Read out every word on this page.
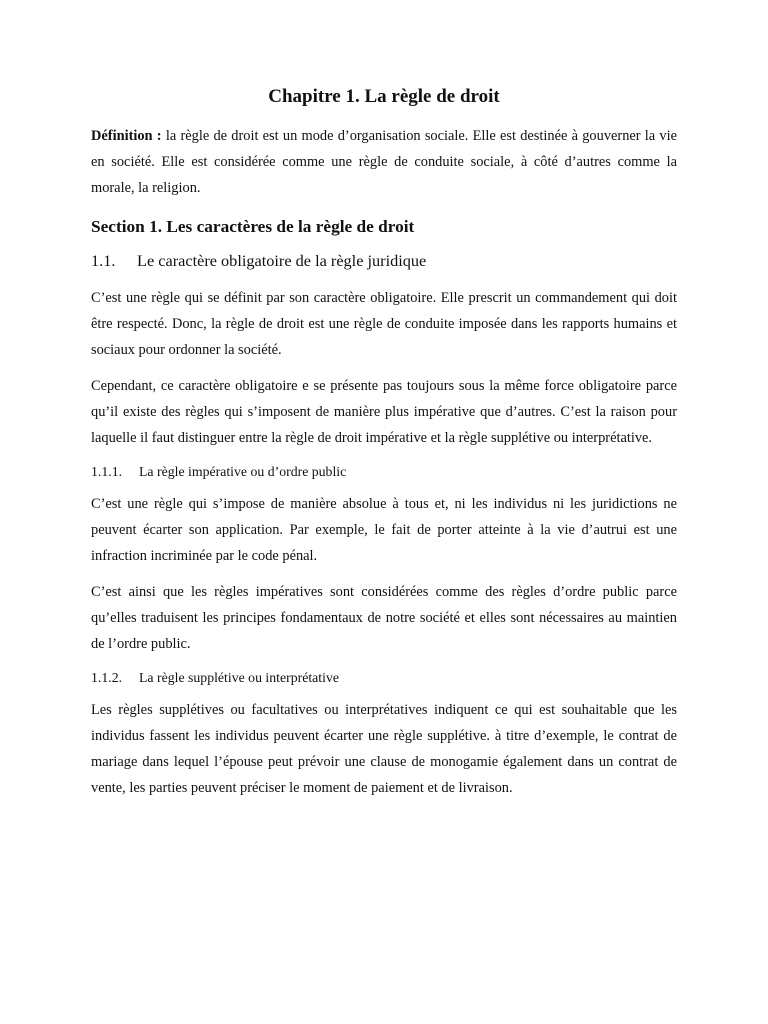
Chapitre 1. La règle de droit

Définition : la règle de droit est un mode d’organisation sociale. Elle est destinée à gouverner la vie en société. Elle est considérée comme une règle de conduite sociale, à côté d’autres comme la morale, la religion.

Section 1. Les caractères de la règle de droit
1.1.	Le caractère obligatoire de la règle juridique

C’est une règle qui se définit par son caractère obligatoire. Elle prescrit un commandement qui doit être respecté. Donc, la règle de droit est une règle de conduite imposée dans les rapports humains et sociaux pour ordonner la société.

Cependant, ce caractère obligatoire e se présente pas toujours sous la même force obligatoire parce qu’il existe des règles qui s’imposent de manière plus impérative que d’autres. C’est la raison pour laquelle il faut distinguer entre la règle de droit impérative et la règle supplétive ou interprétative.

1.1.1.	La règle impérative ou d’ordre public

C’est une règle qui s’impose de manière absolue à tous et, ni les individus ni les juridictions ne peuvent écarter son application. Par exemple, le fait de porter atteinte à la vie d’autrui est une infraction incriminée par le code pénal.

C’est ainsi que les règles impératives sont considérées comme des règles d’ordre public parce qu’elles traduisent les principes fondamentaux de notre société et elles sont nécessaires au maintien de l’ordre public.

1.1.2.	La règle supplétive ou interprétative

Les règles supplétives ou facultatives ou interprétatives indiquent ce qui est souhaitable que les individus fassent les individus peuvent écarter une règle supplétive. à titre d’exemple, le contrat de mariage dans lequel l’épouse peut prévoir une clause de monogamie également dans un contrat de vente, les parties peuvent préciser le moment de paiement et de livraison.
